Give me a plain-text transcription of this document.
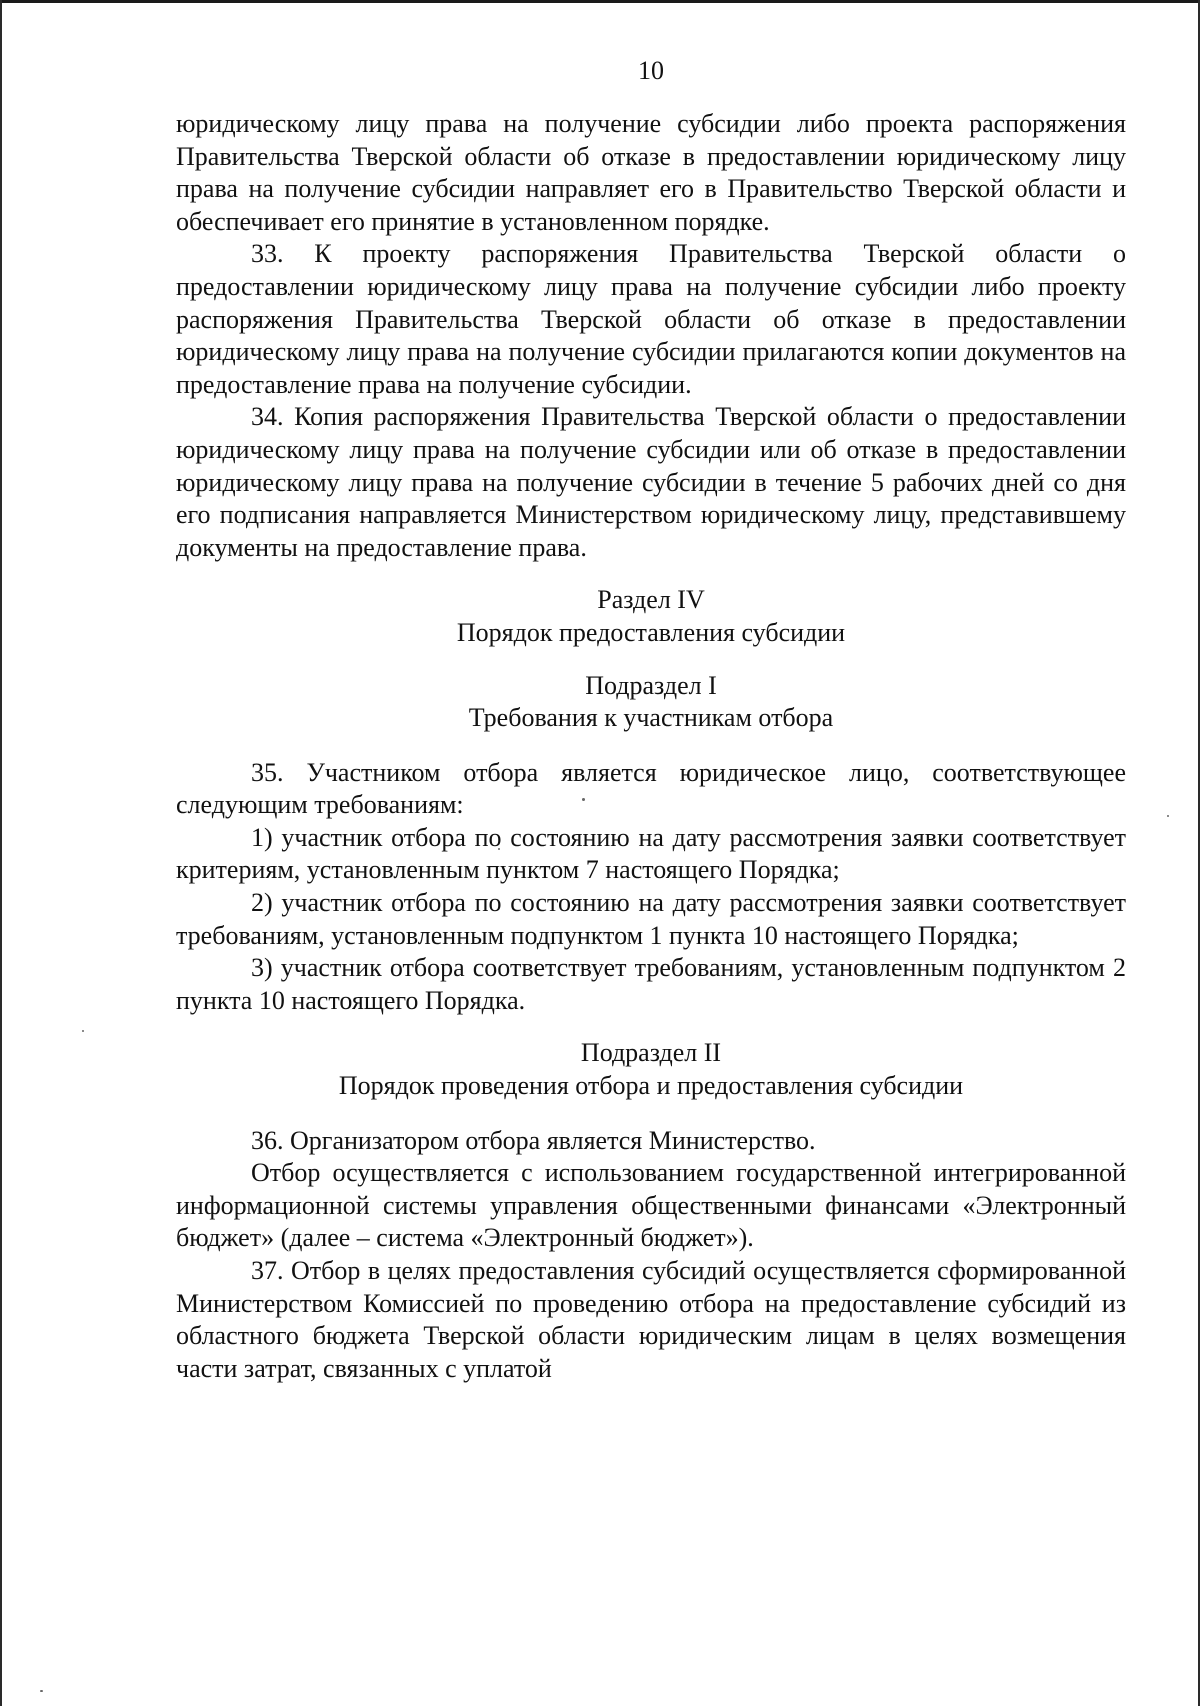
10

юридическому лицу права на получение субсидии либо проекта распоряжения Правительства Тверской области об отказе в предоставлении юридическому лицу права на получение субсидии направляет его в Правительство Тверской области и обеспечивает его принятие в установленном порядке.

33. К проекту распоряжения Правительства Тверской области о предоставлении юридическому лицу права на получение субсидии либо проекту распоряжения Правительства Тверской области об отказе в предоставлении юридическому лицу права на получение субсидии прилагаются копии документов на предоставление права на получение субсидии.

34. Копия распоряжения Правительства Тверской области о предоставлении юридическому лицу права на получение субсидии или об отказе в предоставлении юридическому лицу права на получение субсидии в течение 5 рабочих дней со дня его подписания направляется Министерством юридическому лицу, представившему документы на предоставление права.

Раздел IV
Порядок предоставления субсидии
Подраздел I
Требования к участникам отбора

35. Участником отбора является юридическое лицо, соответствующее следующим требованиям:

1) участник отбора по состоянию на дату рассмотрения заявки соответствует критериям, установленным пунктом 7 настоящего Порядка;

2) участник отбора по состоянию на дату рассмотрения заявки соответствует требованиям, установленным подпунктом 1 пункта 10 настоящего Порядка;

3) участник отбора соответствует требованиям, установленным подпунктом 2 пункта 10 настоящего Порядка.

Подраздел II
Порядок проведения отбора и предоставления субсидии

36. Организатором отбора является Министерство.

Отбор осуществляется с использованием государственной интегрированной информационной системы управления общественными финансами «Электронный бюджет» (далее – система «Электронный бюджет»).

37. Отбор в целях предоставления субсидий осуществляется сформированной Министерством Комиссией по проведению отбора на предоставление субсидий из областного бюджета Тверской области юридическим лицам в целях возмещения части затрат, связанных с уплатой
